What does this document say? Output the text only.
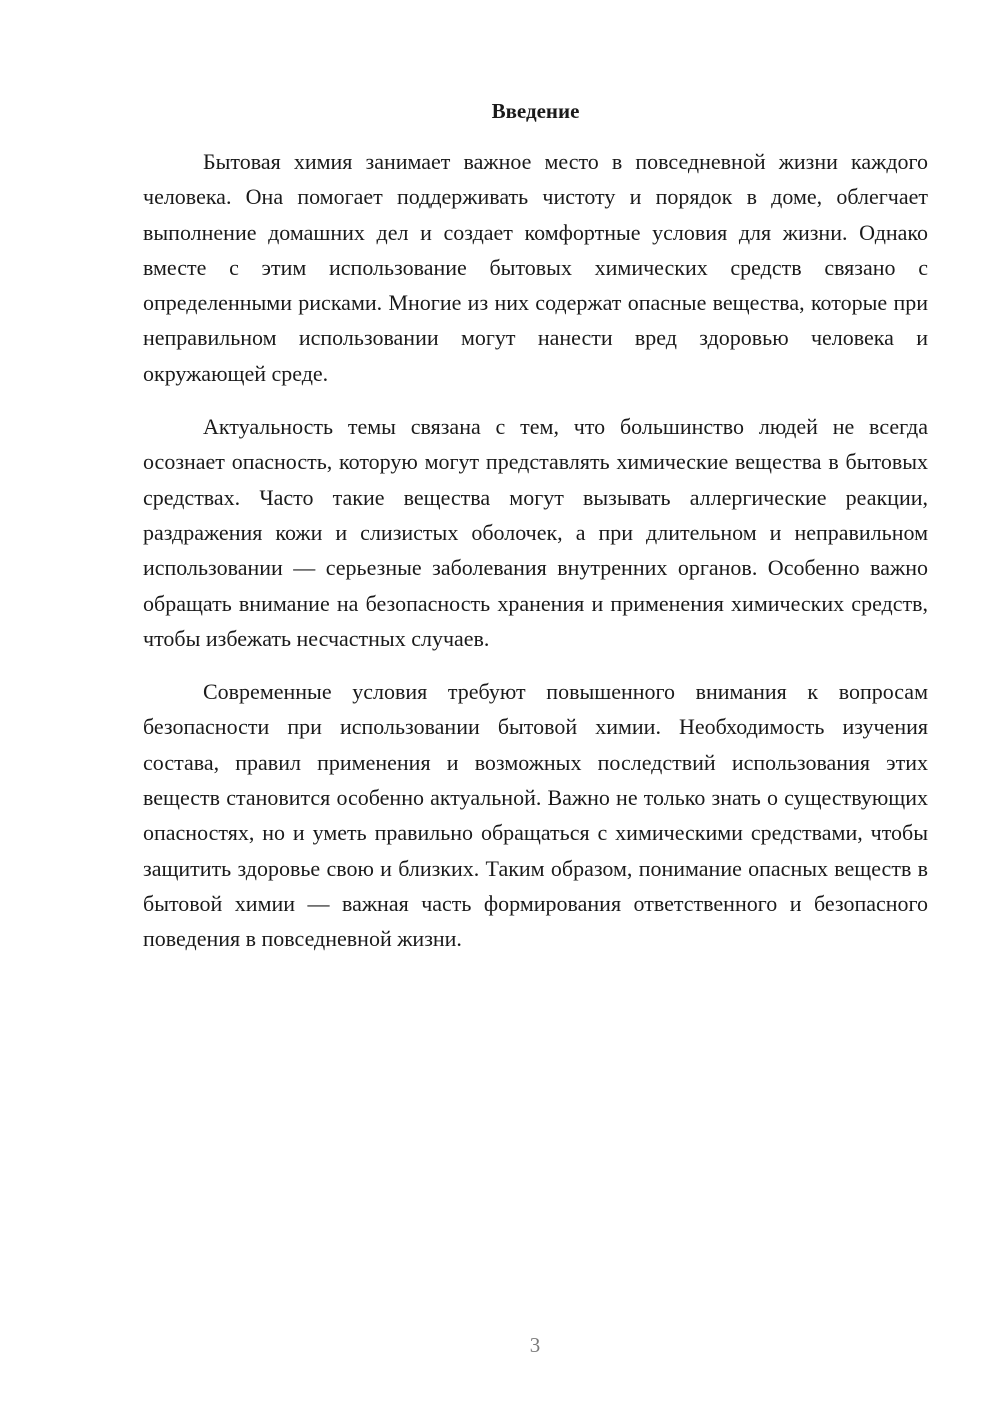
Введение

Бытовая химия занимает важное место в повседневной жизни каждого человека. Она помогает поддерживать чистоту и порядок в доме, облегчает выполнение домашних дел и создает комфортные условия для жизни. Однако вместе с этим использование бытовых химических средств связано с определенными рисками. Многие из них содержат опасные вещества, которые при неправильном использовании могут нанести вред здоровью человека и окружающей среде.

Актуальность темы связана с тем, что большинство людей не всегда осознает опасность, которую могут представлять химические вещества в бытовых средствах. Часто такие вещества могут вызывать аллергические реакции, раздражения кожи и слизистых оболочек, а при длительном и неправильном использовании — серьезные заболевания внутренних органов. Особенно важно обращать внимание на безопасность хранения и применения химических средств, чтобы избежать несчастных случаев.

Современные условия требуют повышенного внимания к вопросам безопасности при использовании бытовой химии. Необходимость изучения состава, правил применения и возможных последствий использования этих веществ становится особенно актуальной. Важно не только знать о существующих опасностях, но и уметь правильно обращаться с химическими средствами, чтобы защитить здоровье свою и близких. Таким образом, понимание опасных веществ в бытовой химии — важная часть формирования ответственного и безопасного поведения в повседневной жизни.

3
